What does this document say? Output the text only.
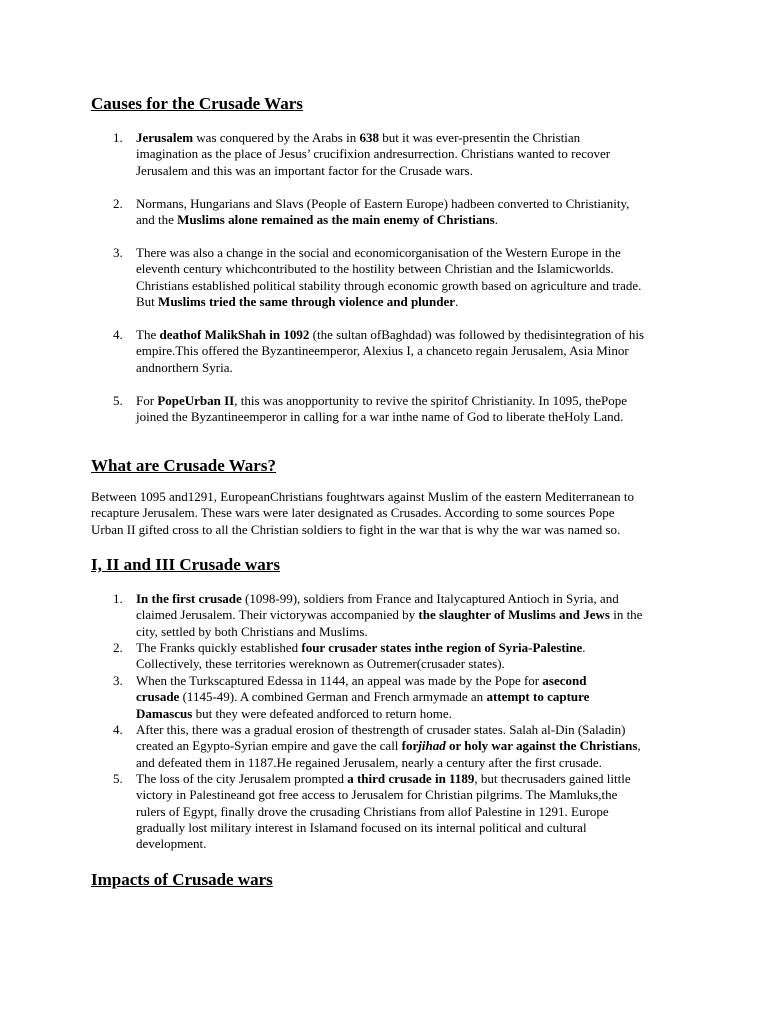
Causes for the Crusade Wars
1. Jerusalem was conquered by the Arabs in 638 but it was ever-presentin the Christian
imagination as the place of Jesus’ crucifixion andresurrection. Christians wanted to recover
Jerusalem and this was an important factor for the Crusade wars.
2. Normans, Hungarians and Slavs (People of Eastern Europe) hadbeen converted to Christianity,
and the Muslims alone remained as the main enemy of Christians.
3. There was also a change in the social and economicorganisation of the Western Europe in the
eleventh century whichcontributed to the hostility between Christian and the Islamicworlds.
Christians established political stability through economic growth based on agriculture and trade.
But Muslims tried the same through violence and plunder.
4. The deathof MalikShah in 1092 (the sultan ofBaghdad) was followed by thedisintegration of his
empire.This offered the Byzantineemperor, Alexius I, a chanceto regain Jerusalem, Asia Minor
andnorthern Syria.
5. For PopeUrban II, this was anopportunity to revive the spiritof Christianity. In 1095, thePope
joined the Byzantineemperor in calling for a war inthe name of God to liberate theHoly Land.
What are Crusade Wars?
Between 1095 and1291, EuropeanChristians foughtwars against Muslim of the eastern Mediterranean to
recapture Jerusalem. These wars were later designated as Crusades. According to some sources Pope
Urban II gifted cross to all the Christian soldiers to fight in the war that is why the war was named so.
I, II and III Crusade wars
1. In the first crusade (1098-99), soldiers from France and Italycaptured Antioch in Syria, and
claimed Jerusalem. Their victorywas accompanied by the slaughter of Muslims and Jews in the
city, settled by both Christians and Muslims.
2. The Franks quickly established four crusader states inthe region of Syria-Palestine.
Collectively, these territories wereknown as Outremer(crusader states).
3. When the Turkscaptured Edessa in 1144, an appeal was made by the Pope for asecond
crusade (1145-49). A combined German and French armymade an attempt to capture
Damascus but they were defeated andforced to return home.
4. After this, there was a gradual erosion of thestrength of crusader states. Salah al-Din (Saladin)
created an Egypto-Syrian empire and gave the call forjihad or holy war against the Christians,
and defeated them in 1187.He regained Jerusalem, nearly a century after the first crusade.
5. The loss of the city Jerusalem prompted a third crusade in 1189, but thecrusaders gained little
victory in Palestineand got free access to Jerusalem for Christian pilgrims. The Mamluks,the
rulers of Egypt, finally drove the crusading Christians from allof Palestine in 1291. Europe
gradually lost military interest in Islamand focused on its internal political and cultural
development.
Impacts of Crusade wars
